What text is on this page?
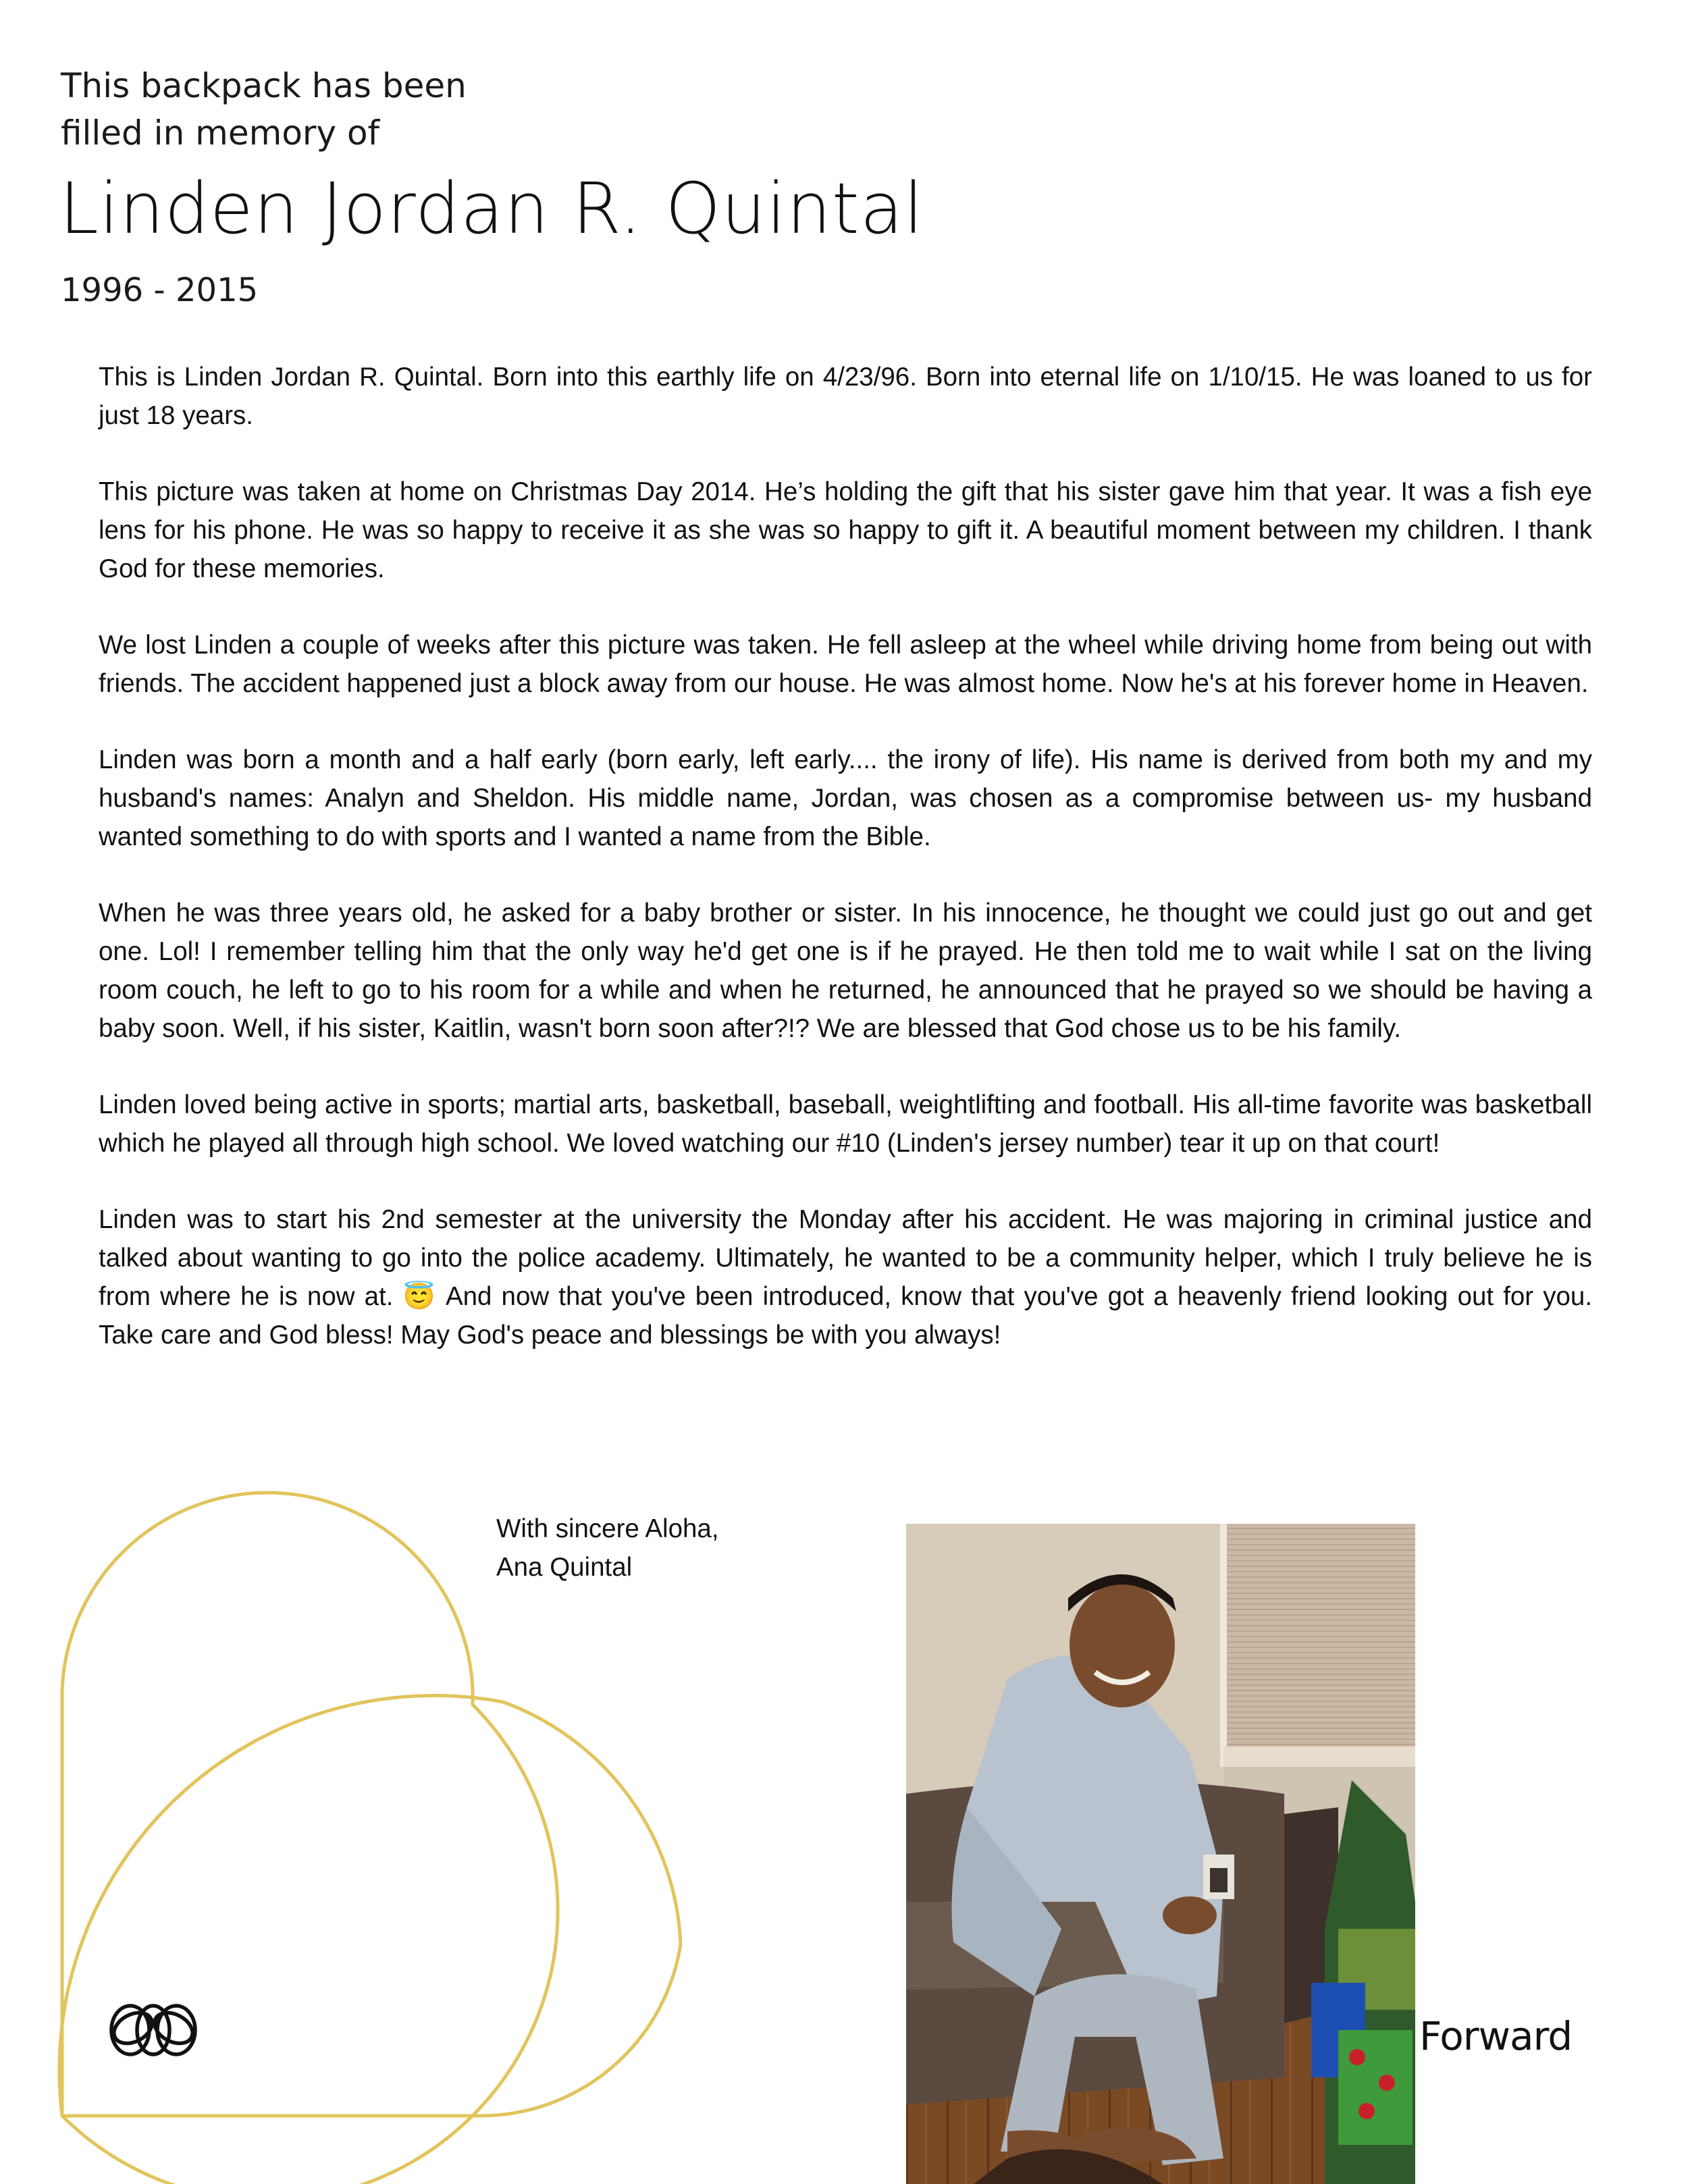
This backpack has been
filled in memory of
Linden Jordan R. Quintal
1996 - 2015

This is Linden Jordan R. Quintal. Born into this earthly life on 4/23/96. Born into eternal life on 1/10/15. He was loaned to us for just 18 years.

This picture was taken at home on Christmas Day 2014. He’s holding the gift that his sister gave him that year. It was a fish eye lens for his phone. He was so happy to receive it as she was so happy to gift it. A beautiful moment between my children. I thank God for these memories.

We lost Linden a couple of weeks after this picture was taken. He fell asleep at the wheel while driving home from being out with friends. The accident happened just a block away from our house. He was almost home. Now he's at his forever home in Heaven.

Linden was born a month and a half early (born early, left early.... the irony of life). His name is derived from both my and my husband's names: Analyn and Sheldon. His middle name, Jordan, was chosen as a compromise between us- my husband wanted something to do with sports and I wanted a name from the Bible.

When he was three years old, he asked for a baby brother or sister. In his innocence, he thought we could just go out and get one. Lol! I remember telling him that the only way he'd get one is if he prayed. He then told me to wait while I sat on the living room couch, he left to go to his room for a while and when he returned, he announced that he prayed so we should be having a baby soon. Well, if his sister, Kaitlin, wasn't born soon after?!? We are blessed that God chose us to be his family.

Linden loved being active in sports; martial arts, basketball, baseball, weightlifting and football. His all-time favorite was basketball which he played all through high school. We loved watching our #10 (Linden's jersey number) tear it up on that court!

Linden was to start his 2nd semester at the university the Monday after his accident. He was majoring in criminal justice and talked about wanting to go into the police academy. Ultimately, he wanted to be a community helper, which I truly believe he is from where he is now at. 😇 And now that you've been introduced, know that you've got a heavenly friend looking out for you. Take care and God bless! May God's peace and blessings be with you always!

With sincere Aloha,
Ana Quintal
Forward
